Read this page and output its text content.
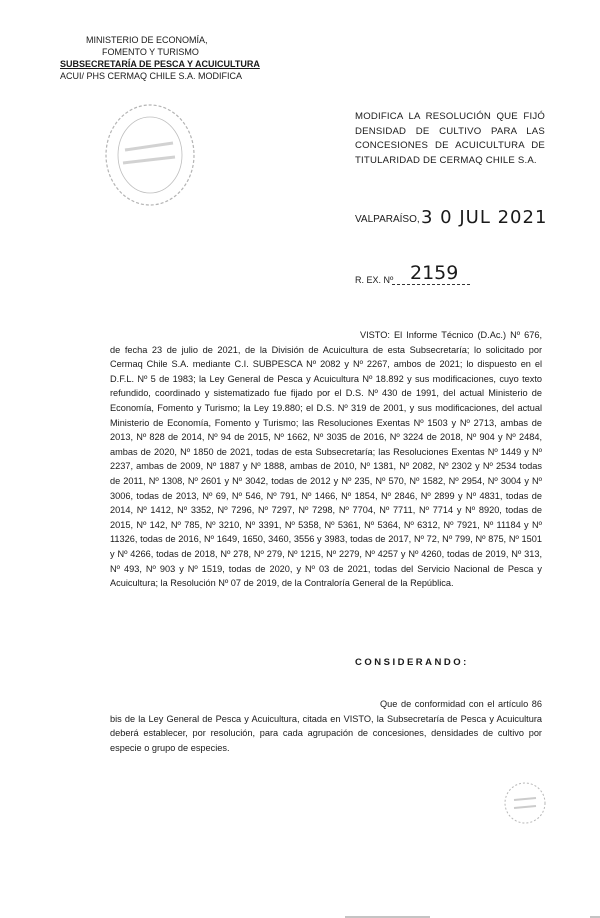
MINISTERIO DE ECONOMÍA,
FOMENTO Y TURISMO
SUBSECRETARÍA DE PESCA Y ACUICULTURA
ACUI/ PHS CERMAQ CHILE S.A. MODIFICA
MODIFICA LA RESOLUCIÓN QUE FIJÓ DENSIDAD DE CULTIVO PARA LAS CONCESIONES DE ACUICULTURA DE TITULARIDAD DE CERMAQ CHILE S.A.
VALPARAÍSO, 3 0 JUL 2021
R. EX. Nº 2159
VISTO: El Informe Técnico (D.Ac.) Nº 676, de fecha 23 de julio de 2021, de la División de Acuicultura de esta Subsecretaría; lo solicitado por Cermaq Chile S.A. mediante C.I. SUBPESCA Nº 2082 y Nº 2267, ambos de 2021; lo dispuesto en el D.F.L. Nº 5 de 1983; la Ley General de Pesca y Acuicultura Nº 18.892 y sus modificaciones, cuyo texto refundido, coordinado y sistematizado fue fijado por el D.S. Nº 430 de 1991, del actual Ministerio de Economía, Fomento y Turismo; la Ley 19.880; el D.S. Nº 319 de 2001, y sus modificaciones, del actual Ministerio de Economía, Fomento y Turismo; las Resoluciones Exentas Nº 1503 y Nº 2713, ambas de 2013, Nº 828 de 2014, Nº 94 de 2015, Nº 1662, Nº 3035 de 2016, Nº 3224 de 2018, Nº 904 y Nº 2484, ambas de 2020, Nº 1850 de 2021, todas de esta Subsecretaría; las Resoluciones Exentas Nº 1449 y Nº 2237, ambas de 2009, Nº 1887 y Nº 1888, ambas de 2010, Nº 1381, Nº 2082, Nº 2302 y Nº 2534 todas de 2011, Nº 1308, Nº 2601 y Nº 3042, todas de 2012 y Nº 235, Nº 570, Nº 1582, Nº 2954, Nº 3004 y Nº 3006, todas de 2013, Nº 69, Nº 546, Nº 791, Nº 1466, Nº 1854, Nº 2846, Nº 2899 y Nº 4831, todas de 2014, Nº 1412, Nº 3352, Nº 7296, Nº 7297, Nº 7298, Nº 7704, Nº 7711, Nº 7714 y Nº 8920, todas de 2015, Nº 142, Nº 785, Nº 3210, Nº 3391, Nº 5358, Nº 5361, Nº 5364, Nº 6312, Nº 7921, Nº 11184 y Nº 11326, todas de 2016, Nº 1649, 1650, 3460, 3556 y 3983, todas de 2017, Nº 72, Nº 799, Nº 875, Nº 1501 y Nº 4266, todas de 2018, Nº 278, Nº 279, Nº 1215, Nº 2279, Nº 4257 y Nº 4260, todas de 2019, Nº 313, Nº 493, Nº 903 y Nº 1519, todas de 2020, y Nº 03 de 2021, todas del Servicio Nacional de Pesca y Acuicultura; la Resolución Nº 07 de 2019, de la Contraloría General de la República.
CONSIDERANDO:
Que de conformidad con el artículo 86 bis de la Ley General de Pesca y Acuicultura, citada en VISTO, la Subsecretaría de Pesca y Acuicultura deberá establecer, por resolución, para cada agrupación de concesiones, densidades de cultivo por especie o grupo de especies.
